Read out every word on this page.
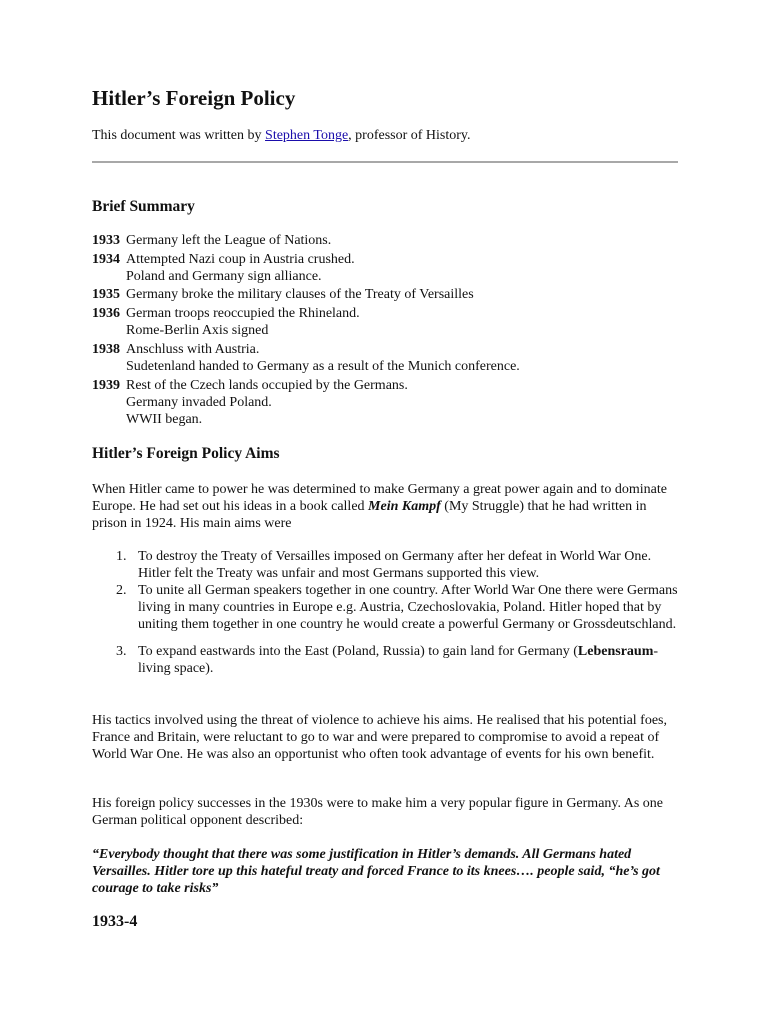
Hitler’s Foreign Policy
This document was written by Stephen Tonge, professor of History.
Brief Summary
1933 Germany left the League of Nations.
1934 Attempted Nazi coup in Austria crushed.
Poland and Germany sign alliance.
1935 Germany broke the military clauses of the Treaty of Versailles
1936 German troops reoccupied the Rhineland.
Rome-Berlin Axis signed
1938 Anschluss with Austria.
Sudetenland handed to Germany as a result of the Munich conference.
1939 Rest of the Czech lands occupied by the Germans.
Germany invaded Poland.
WWII began.
Hitler’s Foreign Policy Aims

When Hitler came to power he was determined to make Germany a great power again and to dominate Europe. He had set out his ideas in a book called Mein Kampf (My Struggle) that he had written in prison in 1924. His main aims were

1. To destroy the Treaty of Versailles imposed on Germany after her defeat in World War One. Hitler felt the Treaty was unfair and most Germans supported this view.
2. To unite all German speakers together in one country. After World War One there were Germans living in many countries in Europe e.g. Austria, Czechoslovakia, Poland. Hitler hoped that by uniting them together in one country he would create a powerful Germany or Grossdeutschland.
3. To expand eastwards into the East (Poland, Russia) to gain land for Germany (Lebensraum- living space).

His tactics involved using the threat of violence to achieve his aims. He realised that his potential foes, France and Britain, were reluctant to go to war and were prepared to compromise to avoid a repeat of World War One. He was also an opportunist who often took advantage of events for his own benefit.

His foreign policy successes in the 1930s were to make him a very popular figure in Germany. As one German political opponent described:

“Everybody thought that there was some justification in Hitler’s demands. All Germans hated Versailles. Hitler tore up this hateful treaty and forced France to its knees…. people said, “he’s got courage to take risks”

1933-4
